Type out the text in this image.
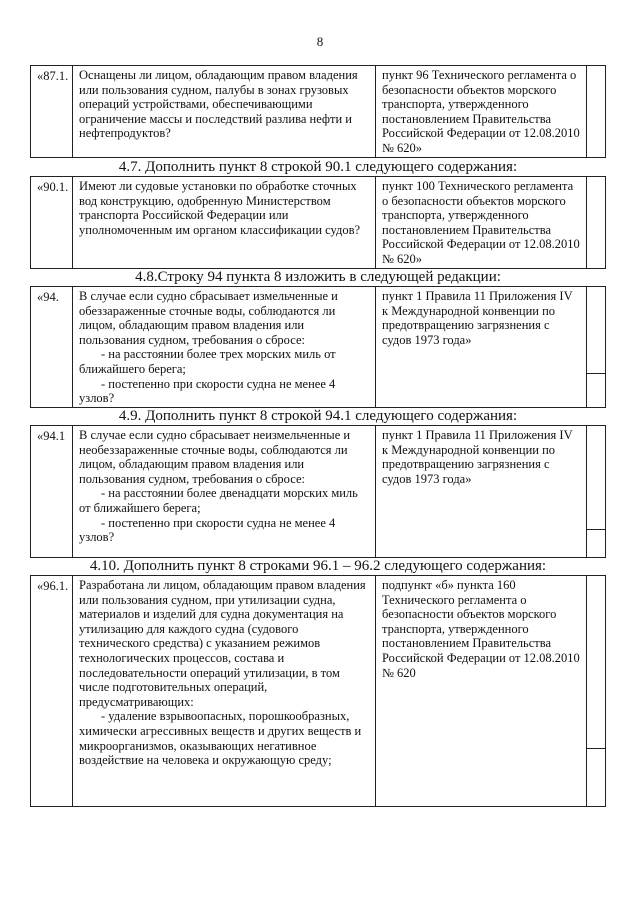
8
«87.1. Оснащены ли лицом, обладающим правом владения или пользования судном, палубы в зонах грузовых операций устройствами, обеспечивающими ограничение массы и последствий разлива нефти и нефтепродуктов?

пункт 96 Технического регламента о безопасности объектов морского транспорта, утвержденного постановлением Правительства Российской Федерации от 12.08.2010 № 620»

4.7. Дополнить пункт 8 строкой 90.1 следующего содержания:
«90.1. Имеют ли судовые установки по обработке сточных вод конструкцию, одобренную Министерством транспорта Российской Федерации или уполномоченным им органом классификации судов?

пункт 100 Технического регламента о безопасности объектов морского транспорта, утвержденного постановлением Правительства Российской Федерации от 12.08.2010 № 620»

4.8.Строку 94 пункта 8 изложить в следующей редакции:
«94.	В случае если судно сбрасывает измельченные и обеззараженные сточные воды, соблюдаются ли лицом, обладающим правом владения или пользования судном, требования о сбросе:

- на расстоянии более трех морских миль от ближайшего берега;

- постепенно при скорости судна не менее 4 узлов?

пункт 1 Правила 11 Приложения IV к Международной конвенции по предотвращению загрязнения с судов 1973 года»

4.9. Дополнить пункт 8 строкой 94.1 следующего содержания:
«94.1	В случае если судно сбрасывает неизмельченные и необеззараженные сточные воды, соблюдаются ли лицом, обладающим правом владения или пользования судном, требования о сбросе:

- на расстоянии более двенадцати морских миль от ближайшего берега;

- постепенно при скорости судна не менее 4 узлов?

пункт 1 Правила 11 Приложения IV к Международной конвенции по предотвращению загрязнения с судов 1973 года»

4.10. Дополнить пункт 8 строками 96.1 – 96.2 следующего содержания:
«96.1. Разработана ли лицом, обладающим правом владения или пользования судном, при утилизации судна, материалов и изделий для судна документация на утилизацию для каждого судна (судового технического средства) с указанием режимов технологических процессов, состава и последовательности операций утилизации, в том числе подготовительных операций, предусматривающих:

- удаление взрывоопасных, порошкообразных, химически агрессивных веществ и других веществ и микроорганизмов, оказывающих негативное воздействие на человека и окружающую среду;

подпункт «б» пункта 160 Технического регламента о безопасности объектов морского транспорта, утвержденного постановлением Правительства Российской Федерации от 12.08.2010 № 620
